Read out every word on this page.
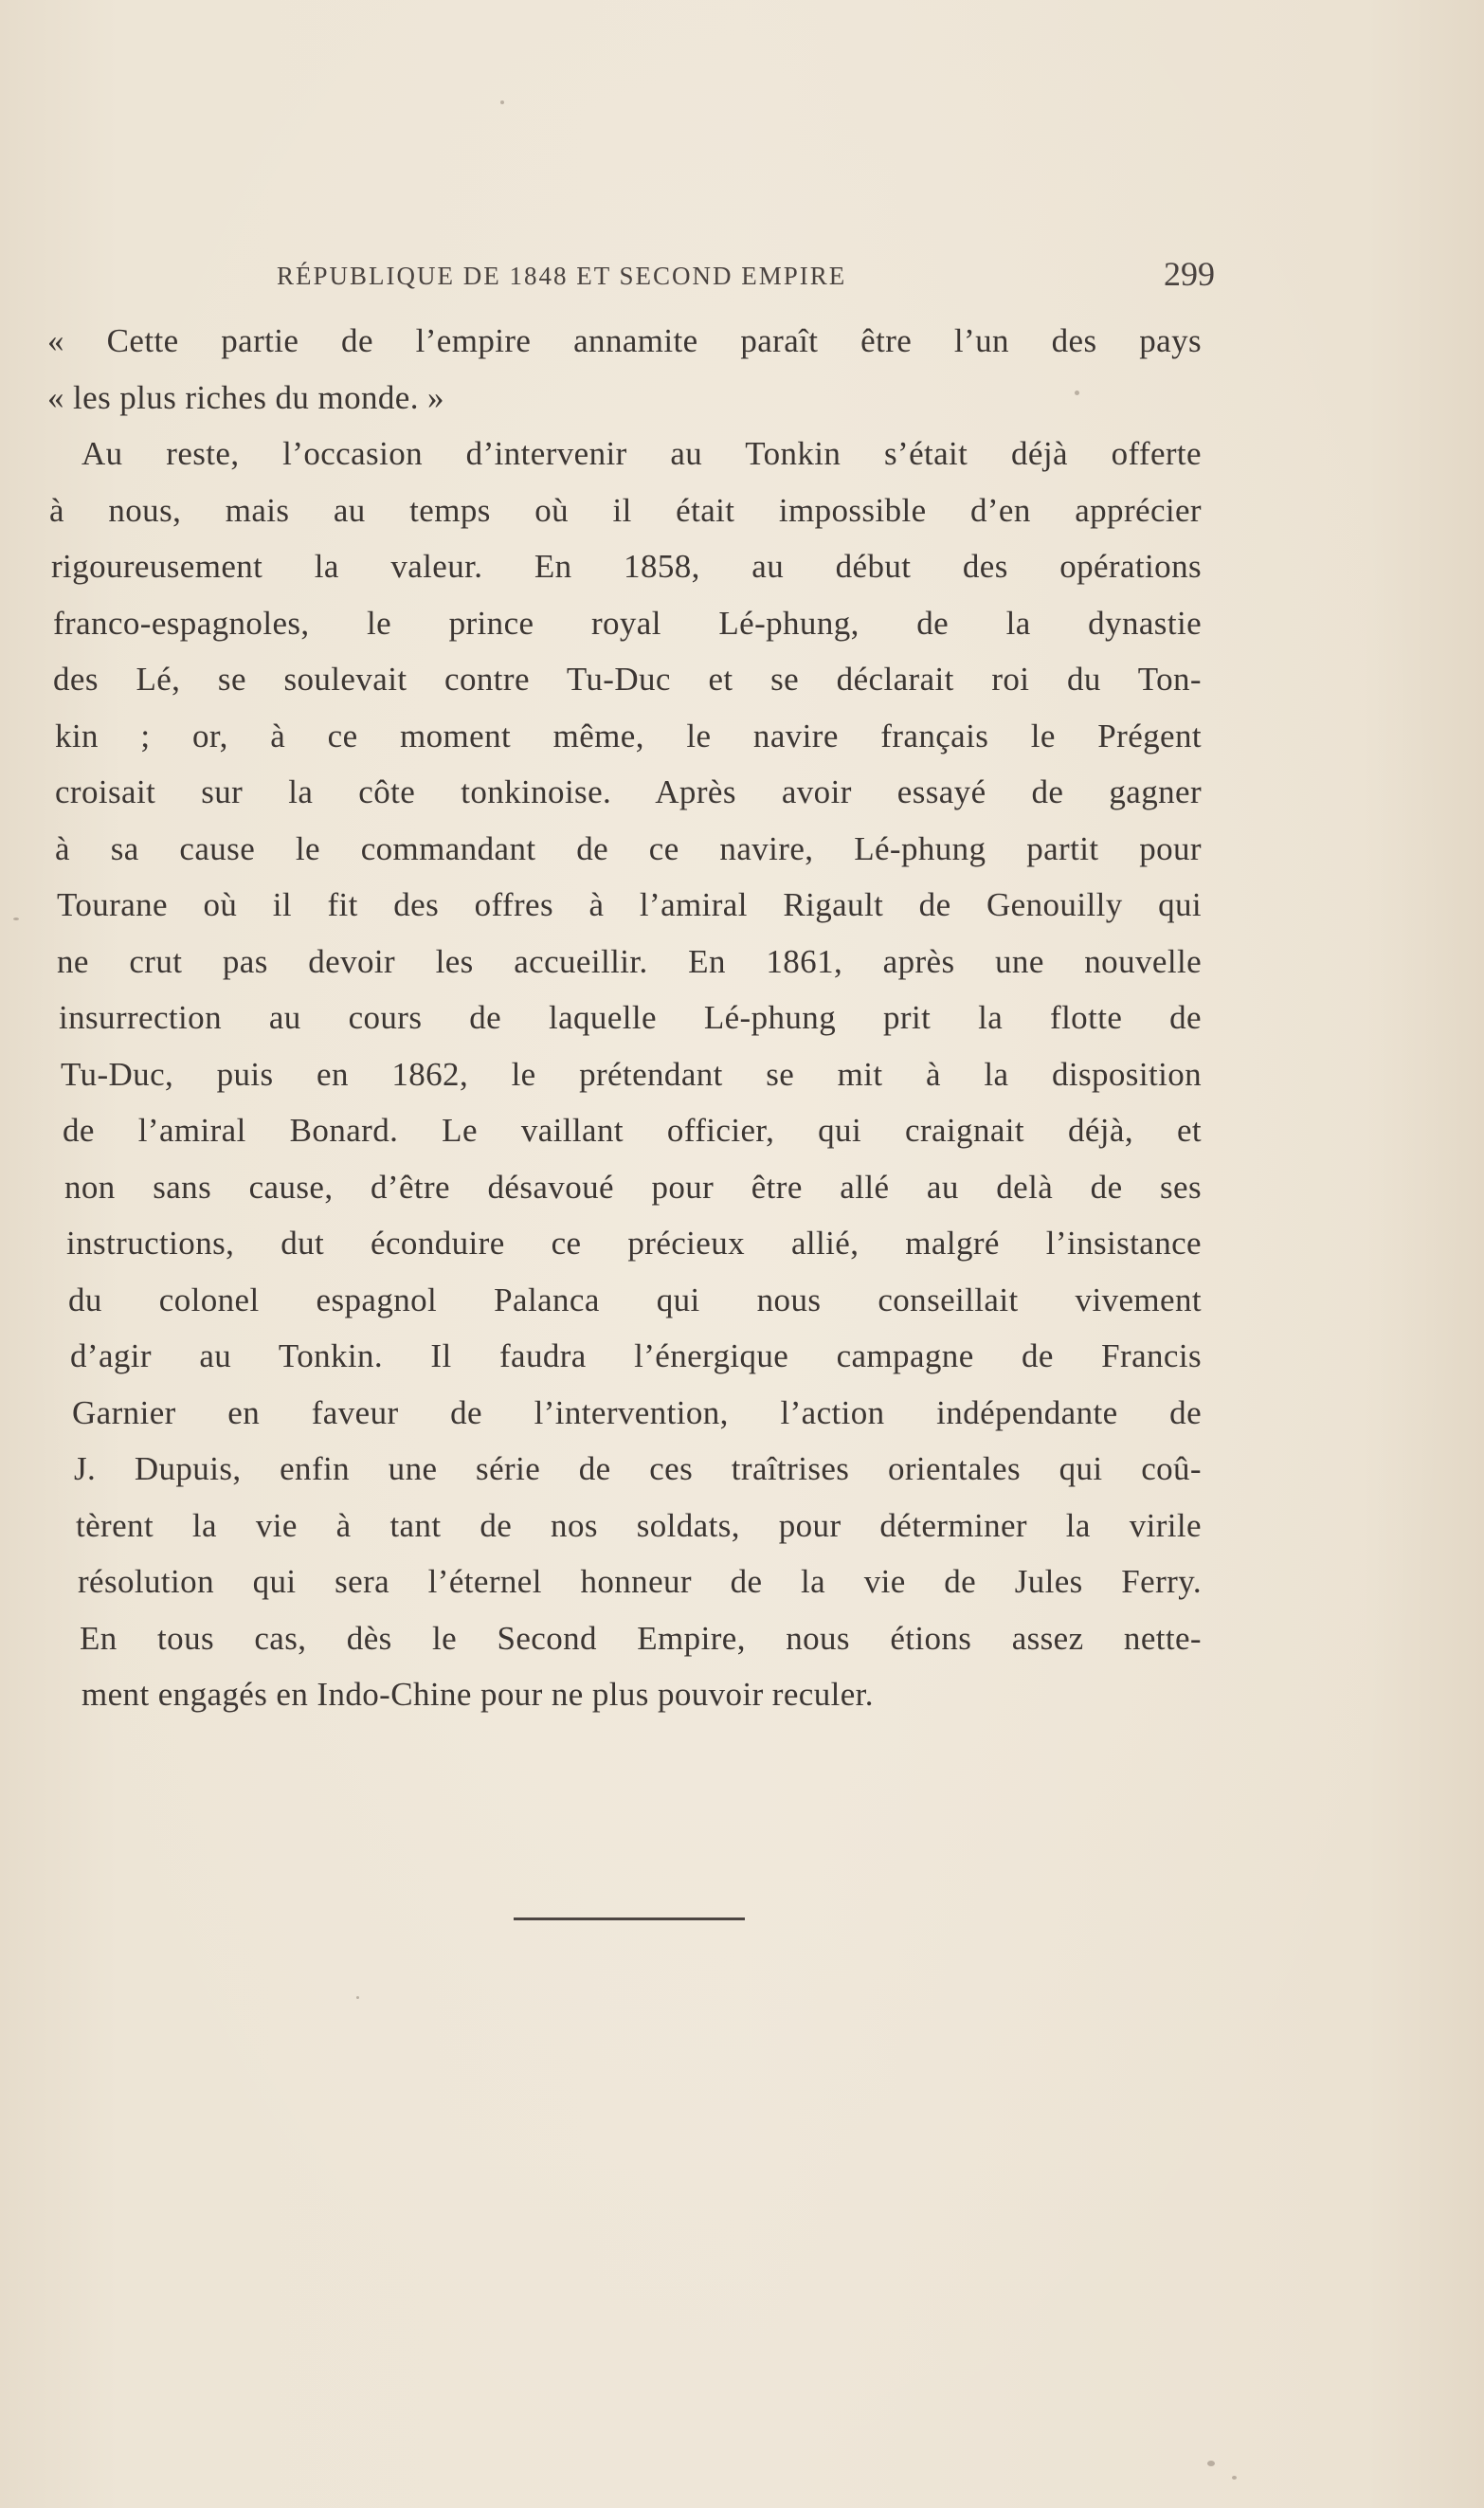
RÉPUBLIQUE DE 1848 ET SECOND EMPIRE	299
« Cette partie de l’empire annamite paraît être l’un des pays
« les plus riches du monde. »
Au reste, l’occasion d’intervenir au Tonkin s’était déjà offerte
à nous, mais au temps où il était impossible d’en apprécier
rigoureusement la valeur. En 1858, au début des opérations
franco-espagnoles, le prince royal Lé-phung, de la dynastie
des Lé, se soulevait contre Tu-Duc et se déclarait roi du Ton-
kin ; or, à ce moment même, le navire français le Prégent
croisait sur la côte tonkinoise. Après avoir essayé de gagner
à sa cause le commandant de ce navire, Lé-phung partit pour
Tourane où il fit des offres à l’amiral Rigault de Genouilly qui
ne crut pas devoir les accueillir. En 1861, après une nouvelle
insurrection au cours de laquelle Lé-phung prit la flotte de
Tu-Duc, puis en 1862, le prétendant se mit à la disposition
de l’amiral Bonard. Le vaillant officier, qui craignait déjà, et
non sans cause, d’être désavoué pour être allé au delà de ses
instructions, dut éconduire ce précieux allié, malgré l’insistance
du colonel espagnol Palanca qui nous conseillait vivement
d’agir au Tonkin. Il faudra l’énergique campagne de Francis
Garnier en faveur de l’intervention, l’action indépendante de
J. Dupuis, enfin une série de ces traîtrises orientales qui coû-
tèrent la vie à tant de nos soldats, pour déterminer la virile
résolution qui sera l’éternel honneur de la vie de Jules Ferry.
En tous cas, dès le Second Empire, nous étions assez nette-
ment engagés en Indo-Chine pour ne plus pouvoir reculer.
